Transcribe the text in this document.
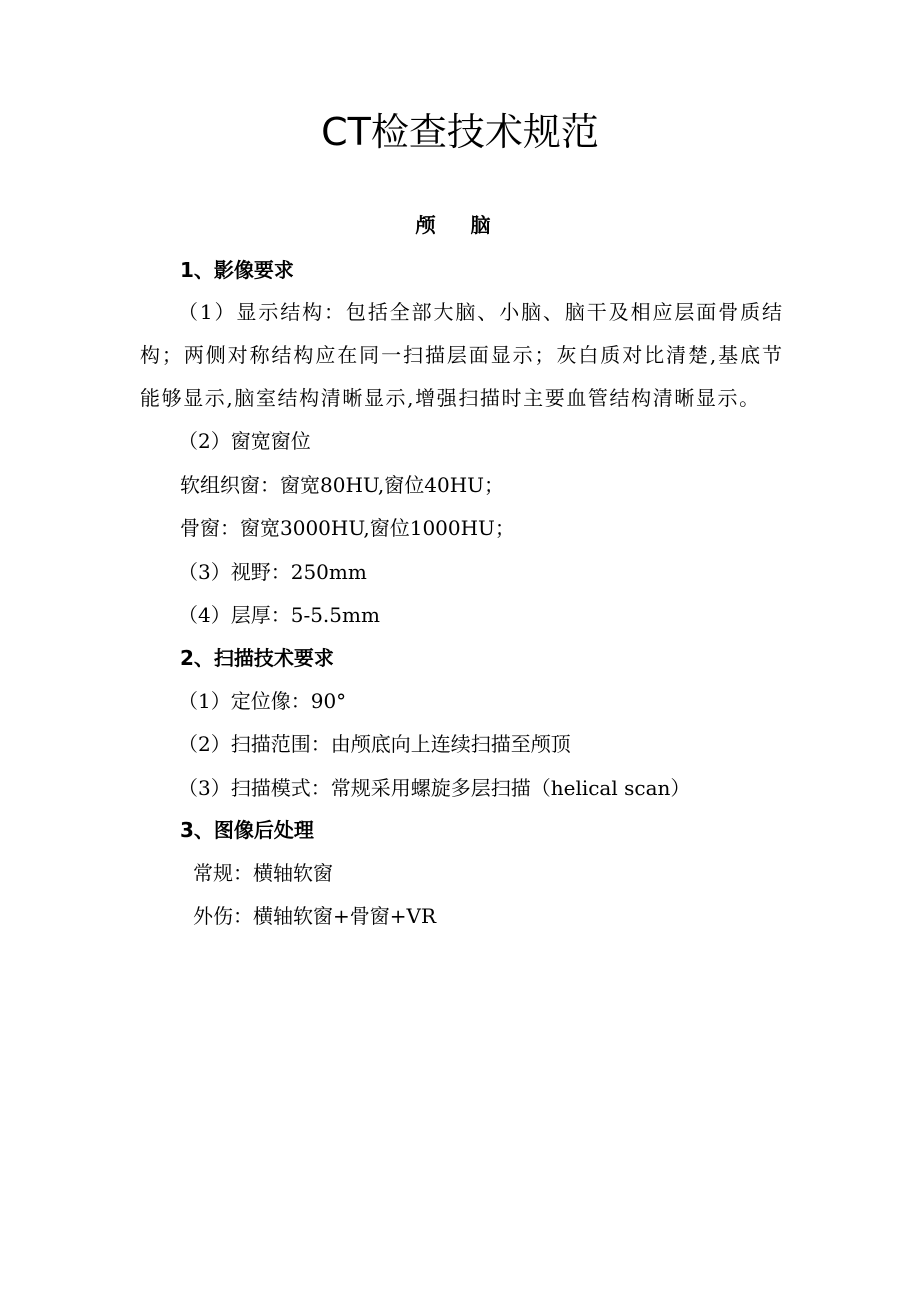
CT检查技术规范
颅 脑
1、影像要求
（1）显示结构：包括全部大脑、小脑、脑干及相应层面骨质结
构；两侧对称结构应在同一扫描层面显示；灰白质对比清楚,基底节
能够显示,脑室结构清晰显示,增强扫描时主要血管结构清晰显示。
（2）窗宽窗位
软组织窗：窗宽80HU,窗位40HU；
骨窗：窗宽3000HU,窗位1000HU；
（3）视野：250mm
（4）层厚：5-5.5mm
2、扫描技术要求
（1）定位像：90°
（2）扫描范围：由颅底向上连续扫描至颅顶
（3）扫描模式：常规采用螺旋多层扫描（helical scan）
3、图像后处理
常规：横轴软窗
外伤：横轴软窗+骨窗+VR
